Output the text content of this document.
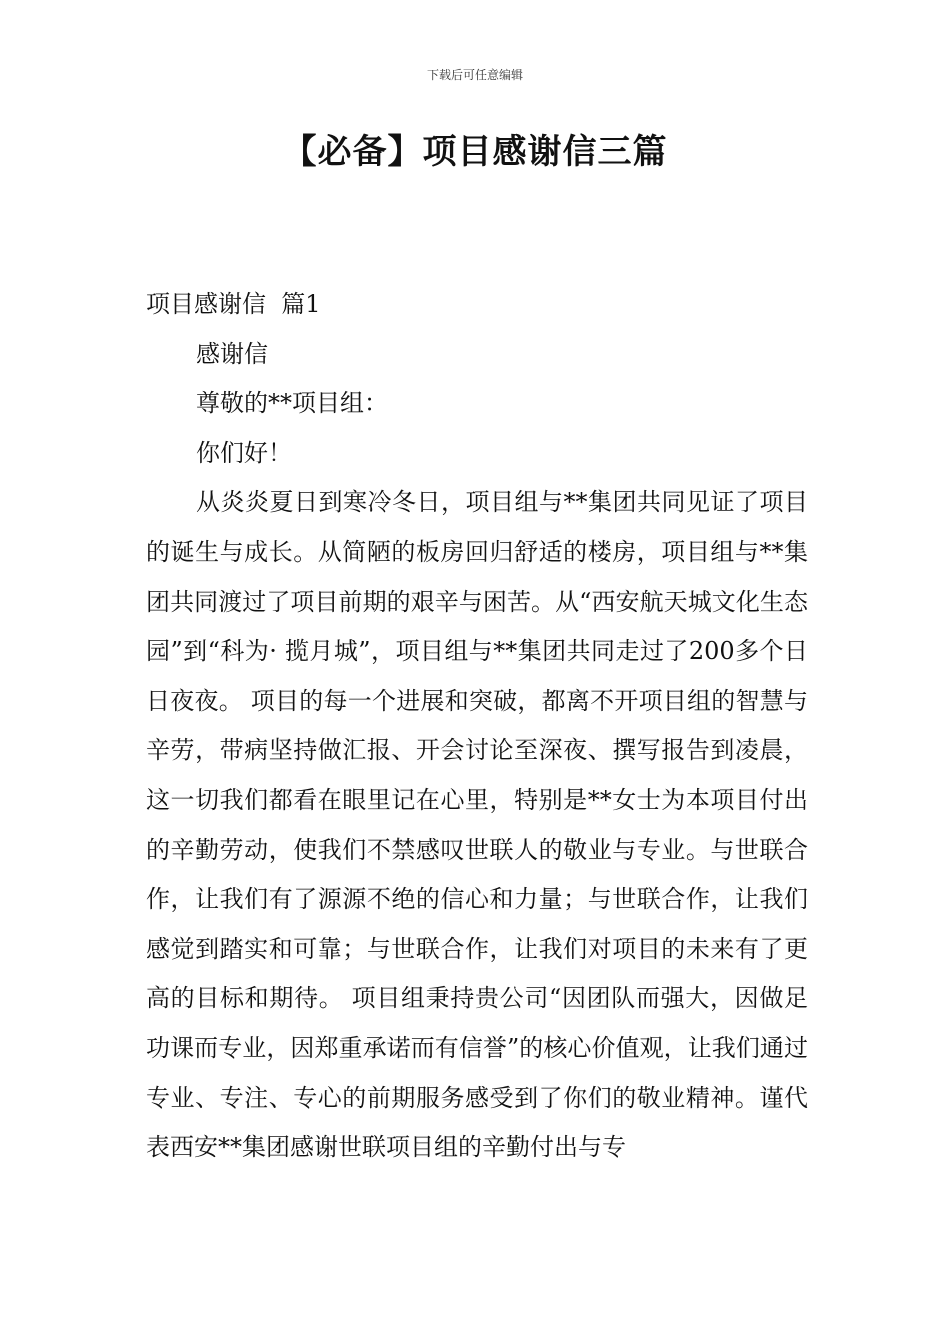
下载后可任意编辑
【必备】项目感谢信三篇

项目感谢信  篇1

感谢信

尊敬的**项目组：

你们好！

从炎炎夏日到寒冷冬日，项目组与**集团共同见证了项目的诞生与成长。从简陋的板房回归舒适的楼房，项目组与**集团共同渡过了项目前期的艰辛与困苦。从“西安航天城文化生态园”到“科为· 揽月城”，项目组与**集团共同走过了200多个日日夜夜。 项目的每一个进展和突破，都离不开项目组的智慧与辛劳，带病坚持做汇报、开会讨论至深夜、撰写报告到凌晨，这一切我们都看在眼里记在心里，特别是**女士为本项目付出的辛勤劳动，使我们不禁感叹世联人的敬业与专业。与世联合作，让我们有了源源不绝的信心和力量；与世联合作，让我们感觉到踏实和可靠；与世联合作，让我们对项目的未来有了更高的目标和期待。 项目组秉持贵公司“因团队而强大，因做足功课而专业，因郑重承诺而有信誉”的核心价值观，让我们通过专业、专注、专心的前期服务感受到了你们的敬业精神。谨代表西安**集团感谢世联项目组的辛勤付出与专
